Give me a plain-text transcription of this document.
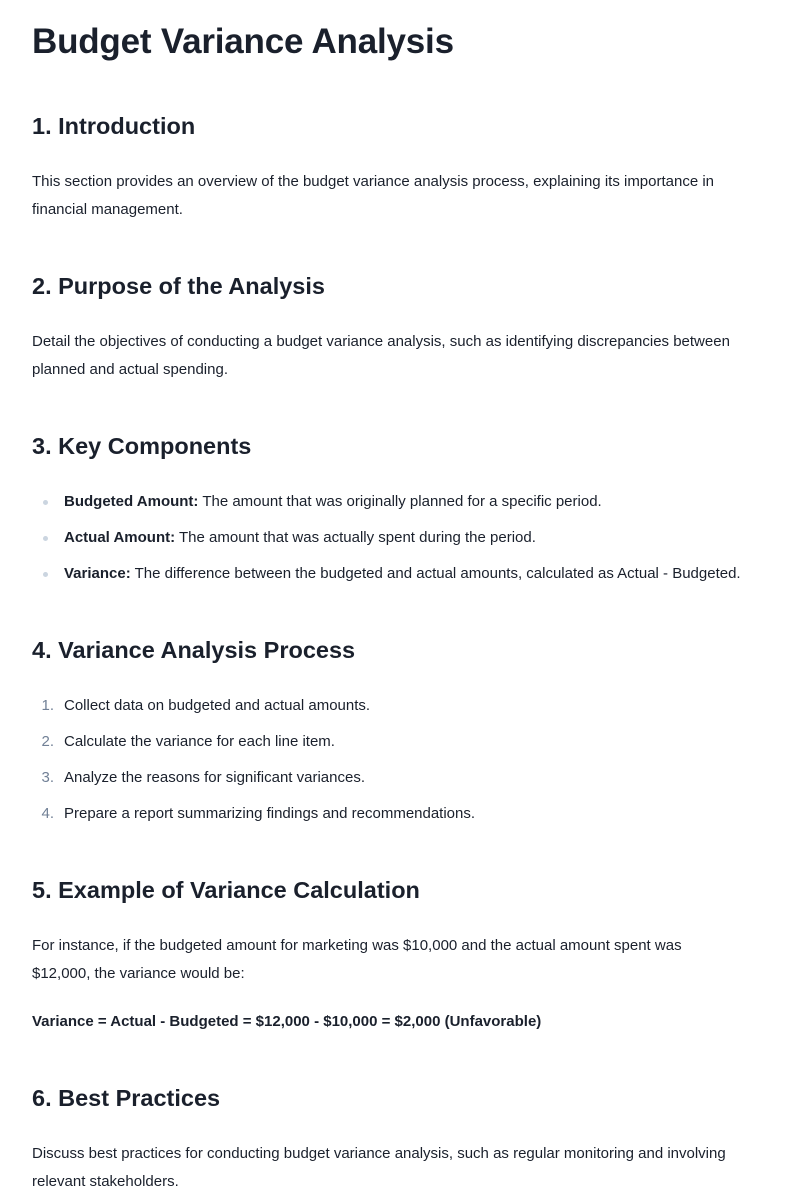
Budget Variance Analysis
1. Introduction

This section provides an overview of the budget variance analysis process, explaining its importance in financial management.

2. Purpose of the Analysis

Detail the objectives of conducting a budget variance analysis, such as identifying discrepancies between planned and actual spending.

3. Key Components
Budgeted Amount: The amount that was originally planned for a specific period.
Actual Amount: The amount that was actually spent during the period.
Variance: The difference between the budgeted and actual amounts, calculated as Actual - Budgeted.
4. Variance Analysis Process
1. Collect data on budgeted and actual amounts.
2. Calculate the variance for each line item.
3. Analyze the reasons for significant variances.
4. Prepare a report summarizing findings and recommendations.
5. Example of Variance Calculation

For instance, if the budgeted amount for marketing was $10,000 and the actual amount spent was $12,000, the variance would be:

Variance = Actual - Budgeted = $12,000 - $10,000 = $2,000 (Unfavorable)

6. Best Practices

Discuss best practices for conducting budget variance analysis, such as regular monitoring and involving relevant stakeholders.
